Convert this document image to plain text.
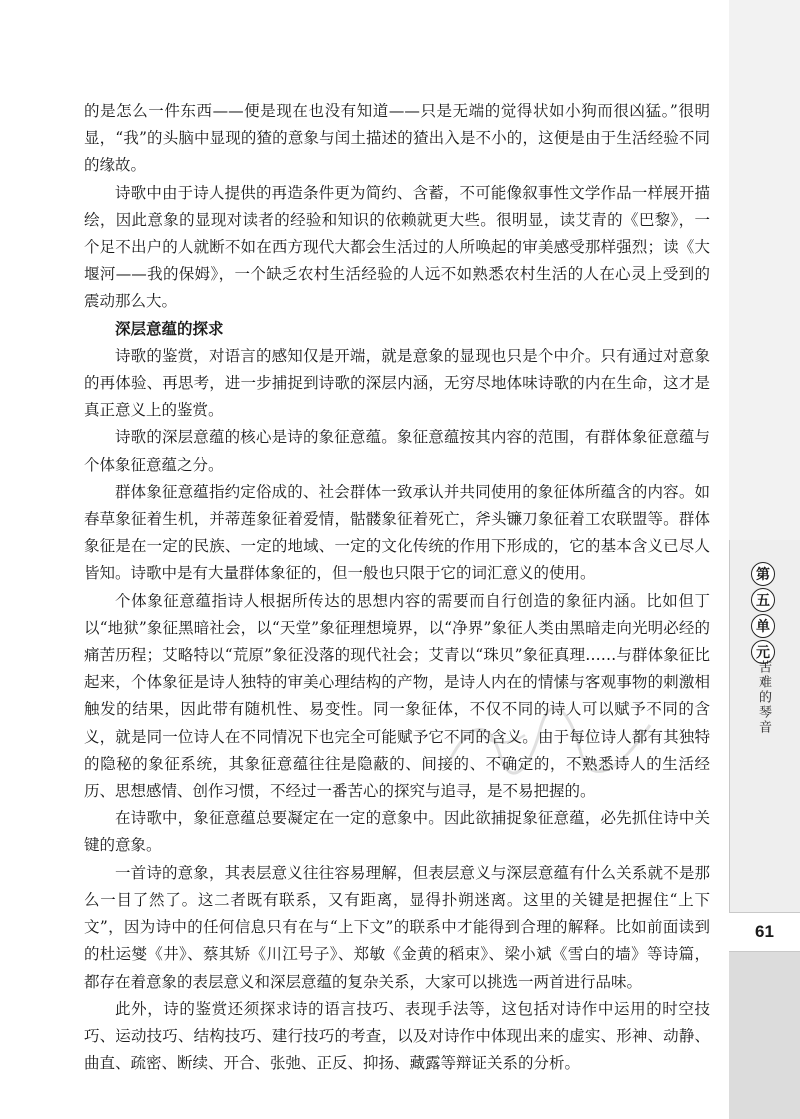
第
五
单
元
苦难的琴音
61

的是怎么一件东西——便是现在也没有知道——只是无端的觉得状如小狗而很凶猛。”很明显，“我”的头脑中显现的猹的意象与闰土描述的猹出入是不小的，这便是由于生活经验不同的缘故。

诗歌中由于诗人提供的再造条件更为简约、含蓄，不可能像叙事性文学作品一样展开描绘，因此意象的显现对读者的经验和知识的依赖就更大些。很明显，读艾青的《巴黎》，一个足不出户的人就断不如在西方现代大都会生活过的人所唤起的审美感受那样强烈；读《大堰河——我的保姆》，一个缺乏农村生活经验的人远不如熟悉农村生活的人在心灵上受到的震动那么大。

深层意蕴的探求

诗歌的鉴赏，对语言的感知仅是开端，就是意象的显现也只是个中介。只有通过对意象的再体验、再思考，进一步捕捉到诗歌的深层内涵，无穷尽地体味诗歌的内在生命，这才是真正意义上的鉴赏。

诗歌的深层意蕴的核心是诗的象征意蕴。象征意蕴按其内容的范围，有群体象征意蕴与个体象征意蕴之分。

群体象征意蕴指约定俗成的、社会群体一致承认并共同使用的象征体所蕴含的内容。如春草象征着生机，并蒂莲象征着爱情，骷髅象征着死亡，斧头镰刀象征着工农联盟等。群体象征是在一定的民族、一定的地域、一定的文化传统的作用下形成的，它的基本含义已尽人皆知。诗歌中是有大量群体象征的，但一般也只限于它的词汇意义的使用。

个体象征意蕴指诗人根据所传达的思想内容的需要而自行创造的象征内涵。比如但丁以“地狱”象征黑暗社会，以“天堂”象征理想境界，以“净界”象征人类由黑暗走向光明必经的痛苦历程；艾略特以“荒原”象征没落的现代社会；艾青以“珠贝”象征真理……与群体象征比起来，个体象征是诗人独特的审美心理结构的产物，是诗人内在的情愫与客观事物的刺激相触发的结果，因此带有随机性、易变性。同一象征体，不仅不同的诗人可以赋予不同的含义，就是同一位诗人在不同情况下也完全可能赋予它不同的含义。由于每位诗人都有其独特的隐秘的象征系统，其象征意蕴往往是隐蔽的、间接的、不确定的，不熟悉诗人的生活经历、思想感情、创作习惯，不经过一番苦心的探究与追寻，是不易把握的。

在诗歌中，象征意蕴总要凝定在一定的意象中。因此欲捕捉象征意蕴，必先抓住诗中关键的意象。

一首诗的意象，其表层意义往往容易理解，但表层意义与深层意蕴有什么关系就不是那么一目了然了。这二者既有联系，又有距离，显得扑朔迷离。这里的关键是把握住“上下文”，因为诗中的任何信息只有在与“上下文”的联系中才能得到合理的解释。比如前面读到的杜运燮《井》、蔡其矫《川江号子》、郑敏《金黄的稻束》、梁小斌《雪白的墙》等诗篇，都存在着意象的表层意义和深层意蕴的复杂关系，大家可以挑选一两首进行品味。

此外，诗的鉴赏还须探求诗的语言技巧、表现手法等，这包括对诗作中运用的时空技巧、运动技巧、结构技巧、建行技巧的考查，以及对诗作中体现出来的虚实、形神、动静、曲直、疏密、断续、开合、张弛、正反、抑扬、藏露等辩证关系的分析。
